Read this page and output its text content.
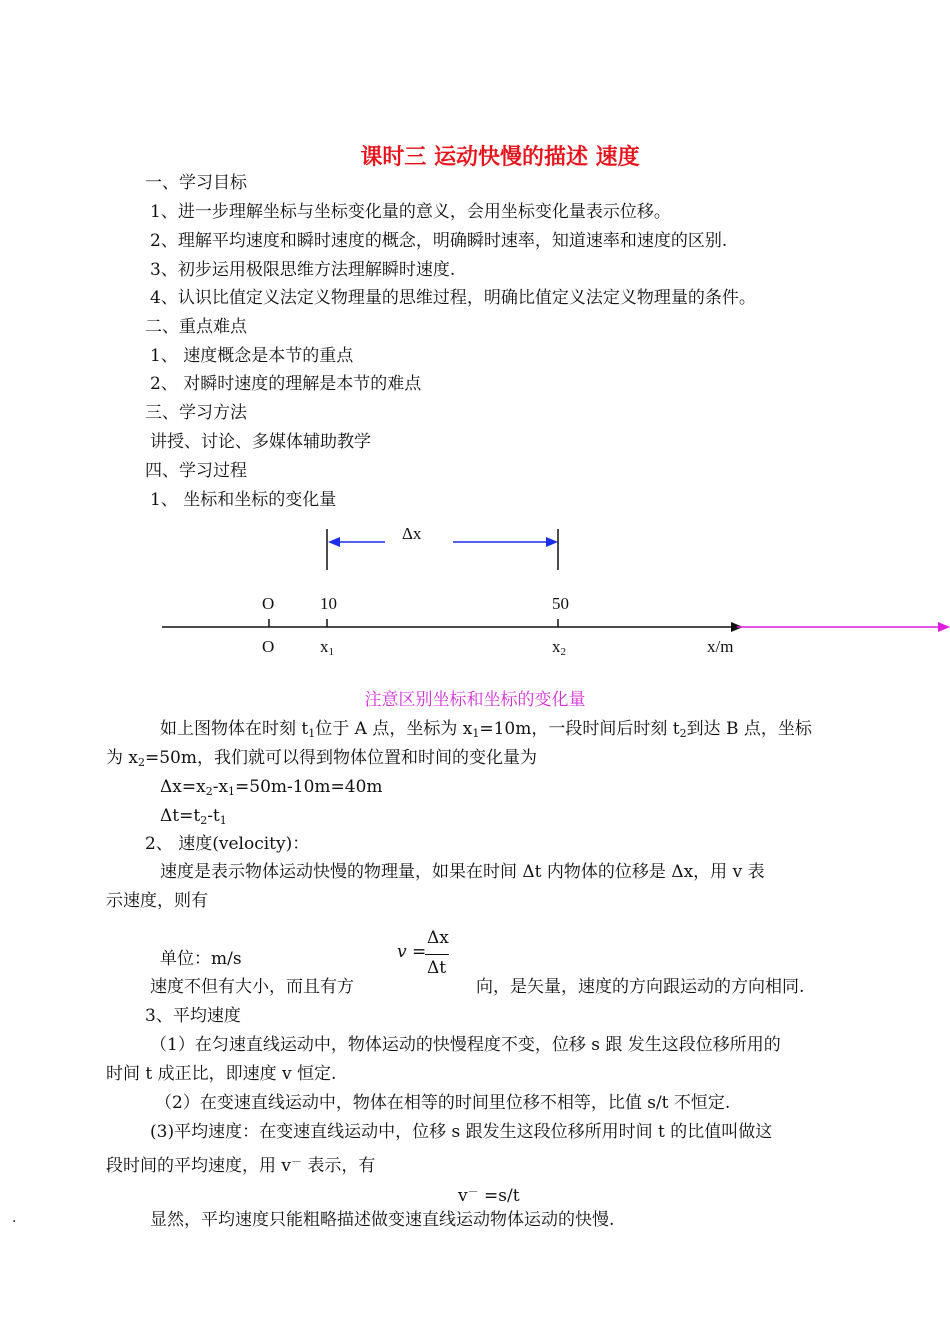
课时三 运动快慢的描述 速度
一、学习目标
1、进一步理解坐标与坐标变化量的意义，会用坐标变化量表示位移。
2、理解平均速度和瞬时速度的概念，明确瞬时速率，知道速率和速度的区别.
3、初步运用极限思维方法理解瞬时速度.
4、认识比值定义法定义物理量的思维过程，明确比值定义法定义物理量的条件。
二、重点难点
1、 速度概念是本节的重点
2、 对瞬时速度的理解是本节的难点
三、学习方法
讲授、讨论、多媒体辅助教学
四、学习过程
1、 坐标和坐标的变化量
Δx
O	10	50
O	x1	x2	x/m
注意区别坐标和坐标的变化量
如上图物体在时刻 $t_1$位于 A 点，坐标为 $x_1=10m$，一段时间后时刻 $t_2$到达 B 点，坐标
为 $x_2=50m$，我们就可以得到物体位置和时间的变化量为
$\Delta x=x_2-x_1=50m-10m=40m$
$\Delta t=t_2-t_1$
2、 速度(velocity)：
速度是表示物体运动快慢的物理量，如果在时间 Δt 内物体的位移是 Δx，用 v 表
示速度，则有
单位：m/s	v =
Δx
Δt
速度不但有大小，而且有方	向，是矢量，速度的方向跟运动的方向相同.
3、平均速度
（1）在匀速直线运动中，物体运动的快慢程度不变，位移 s 跟 发生这段位移所用的
时间 t 成正比，即速度 v 恒定.
（2）在变速直线运动中，物体在相等的时间里位移不相等，比值 s/t 不恒定.
(3)平均速度：在变速直线运动中，位移 s 跟发生这段位移所用时间 t 的比值叫做这
段时间的平均速度，用 v－ 表示，有
v－ =s/t
显然，平均速度只能粗略描述做变速直线运动物体运动的快慢.
.
